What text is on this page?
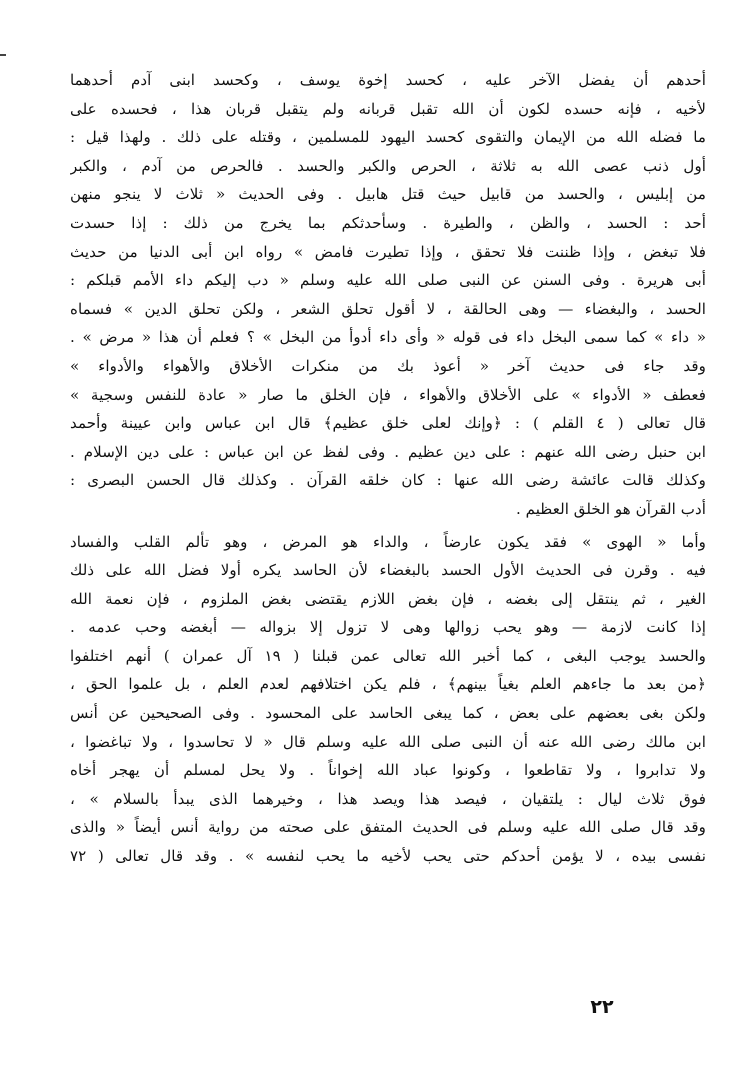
أحدهم أن يفضل الآخر عليه ، كحسد إخوة يوسف ، وكحسد ابنى آدم أحدهما
لأخيه ، فإنه حسده لكون أن الله تقبل قربانه ولم يتقبل قربان هذا ، فحسده على
ما فضله الله من الإيمان والتقوى كحسد اليهود للمسلمين ، وقتله على ذلك . ولهذا قيل :
أول ذنب عصى الله به ثلاثة ، الحرص والكبر والحسد . فالحرص من آدم ، والكبر
من إبليس ، والحسد من قابيل حيث قتل هابيل . وفى الحديث « ثلاث لا ينجو منهن
أحد : الحسد ، والظن ، والطيرة . وسأحدثكم بما يخرج من ذلك : إذا حسدت
فلا تبغض ، وإذا ظننت فلا تحقق ، وإذا تطيرت فامض » رواه ابن أبى الدنيا من حديث
أبى هريرة . وفى السنن عن النبى صلى الله عليه وسلم « دب إليكم داء الأمم قبلكم :
الحسد ، والبغضاء — وهى الحالقة ، لا أقول تحلق الشعر ، ولكن تحلق الدين » فسماه
« داء » كما سمى البخل داء فى قوله « وأى داء أدوأ من البخل » ؟ فعلم أن هذا « مرض » .
وقد جاء فى حديث آخر « أعوذ بك من منكرات الأخلاق والأهواء والأدواء »
فعطف « الأدواء » على الأخلاق والأهواء ، فإن الخلق ما صار « عادة للنفس وسجية »
قال تعالى ( ٤ القلم ) : ﴿وإنك لعلى خلق عظيم﴾ قال ابن عباس وابن عيينة وأحمد
ابن حنبل رضى الله عنهم : على دين عظيم . وفى لفظ عن ابن عباس : على دين الإسلام .
وكذلك قالت عائشة رضى الله عنها : كان خلقه القرآن . وكذلك قال الحسن البصرى :
أدب القرآن هو الخلق العظيم .
وأما « الهوى » فقد يكون عارضاً ، والداء هو المرض ، وهو تألم القلب والفساد
فيه . وقرن فى الحديث الأول الحسد بالبغضاء لأن الحاسد يكره أولا فضل الله على ذلك
الغير ، ثم ينتقل إلى بغضه ، فإن بغض اللازم يقتضى بغض الملزوم ، فإن نعمة الله
إذا كانت لازمة — وهو يحب زوالها وهى لا تزول إلا بزواله — أبغضه وحب عدمه .
والحسد يوجب البغى ، كما أخبر الله تعالى عمن قبلنا ( ١٩ آل عمران ) أنهم اختلفوا
﴿من بعد ما جاءهم العلم بغياً بينهم﴾ ، فلم يكن اختلافهم لعدم العلم ، بل علموا الحق ،
ولكن بغى بعضهم على بعض ، كما يبغى الحاسد على المحسود . وفى الصحيحين عن أنس
ابن مالك رضى الله عنه أن النبى صلى الله عليه وسلم قال « لا تحاسدوا ، ولا تباغضوا ،
ولا تدابروا ، ولا تقاطعوا ، وكونوا عباد الله إخواناً . ولا يحل لمسلم أن يهجر أخاه
فوق ثلاث ليال : يلتقيان ، فيصد هذا ويصد هذا ، وخيرهما الذى يبدأ بالسلام » ،
وقد قال صلى الله عليه وسلم فى الحديث المتفق على صحته من رواية أنس أيضاً « والذى
نفسى بيده ، لا يؤمن أحدكم حتى يحب لأخيه ما يحب لنفسه » . وقد قال تعالى ( ٧٢
٢٢
